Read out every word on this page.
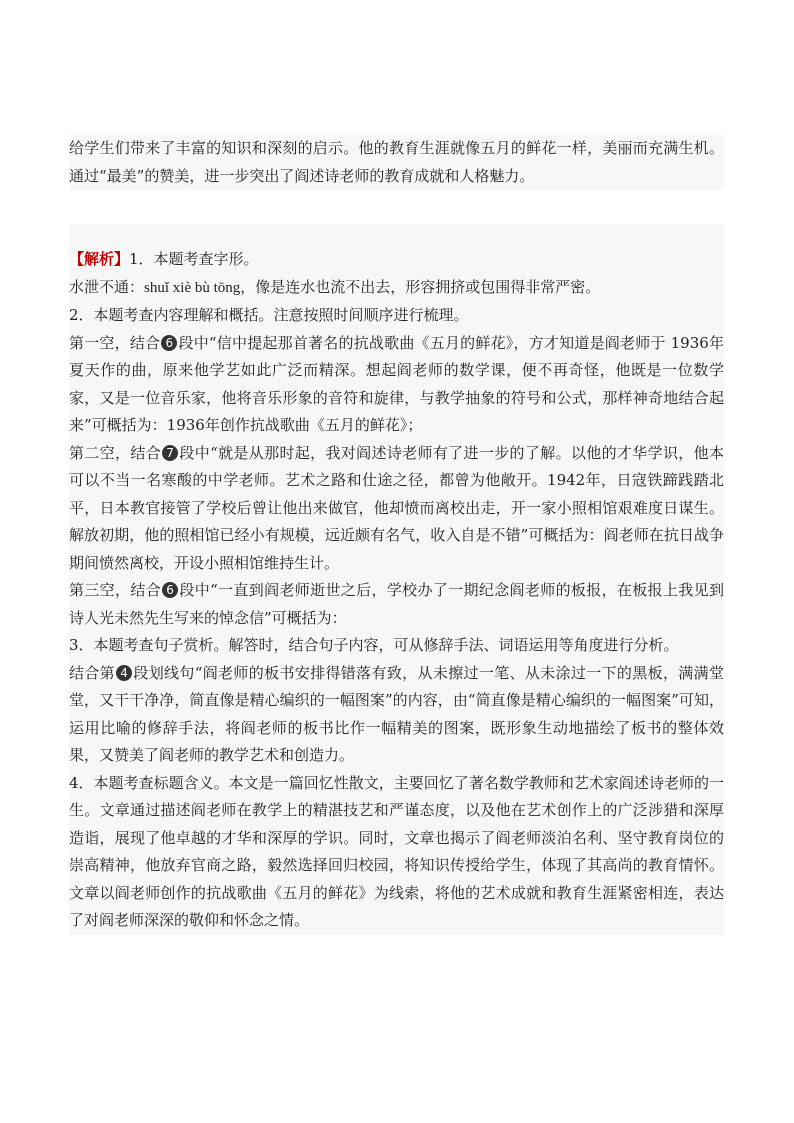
给学生们带来了丰富的知识和深刻的启示。他的教育生涯就像五月的鲜花一样，美丽而充满生机。通过“最美”的赞美，进一步突出了阎述诗老师的教育成就和人格魅力。

【解析】1．本题考查字形。

水泄不通：shuǐ xiè bù tōng，像是连水也流不出去，形容拥挤或包围得非常严密。

2．本题考查内容理解和概括。注意按照时间顺序进行梳理。

第一空，结合 6 段中“信中提起那首著名的抗战歌曲《五月的鲜花》，方才知道是阎老师于 1936年夏天作的曲，原来他学艺如此广泛而精深。想起阎老师的数学课，便不再奇怪，他既是一位数学家，又是一位音乐家，他将音乐形象的音符和旋律，与教学抽象的符号和公式，那样神奇地结合起来”可概括为：1936年创作抗战歌曲《五月的鲜花》；

第二空，结合 7 段中“就是从那时起，我对阎述诗老师有了进一步的了解。以他的才华学识，他本可以不当一名寒酸的中学老师。艺术之路和仕途之径，都曾为他敞开。1942年，日寇铁蹄践踏北平，日本教官接管了学校后曾让他出来做官，他却愤而离校出走，开一家小照相馆艰难度日谋生。解放初期，他的照相馆已经小有规模，远近颇有名气，收入自是不错”可概括为：阎老师在抗日战争期间愤然离校，开设小照相馆维持生计。

第三空，结合 6 段中“一直到阎老师逝世之后，学校办了一期纪念阎老师的板报，在板报上我见到诗人光未然先生写来的悼念信”可概括为：

3．本题考查句子赏析。解答时，结合句子内容，可从修辞手法、词语运用等角度进行分析。

结合第 4 段划线句“阎老师的板书安排得错落有致，从未擦过一笔、从未涂过一下的黑板，满满堂堂，又干干净净，简直像是精心编织的一幅图案”的内容，由“简直像是精心编织的一幅图案”可知，运用比喻的修辞手法，将阎老师的板书比作一幅精美的图案，既形象生动地描绘了板书的整体效果，又赞美了阎老师的教学艺术和创造力。

4．本题考查标题含义。本文是一篇回忆性散文，主要回忆了著名数学教师和艺术家阎述诗老师的一生。文章通过描述阎老师在教学上的精湛技艺和严谨态度，以及他在艺术创作上的广泛涉猎和深厚造诣，展现了他卓越的才华和深厚的学识。同时，文章也揭示了阎老师淡泊名利、坚守教育岗位的崇高精神，他放弃官商之路，毅然选择回归校园，将知识传授给学生，体现了其高尚的教育情怀。文章以阎老师创作的抗战歌曲《五月的鲜花》为线索，将他的艺术成就和教育生涯紧密相连，表达了对阎老师深深的敬仰和怀念之情。
